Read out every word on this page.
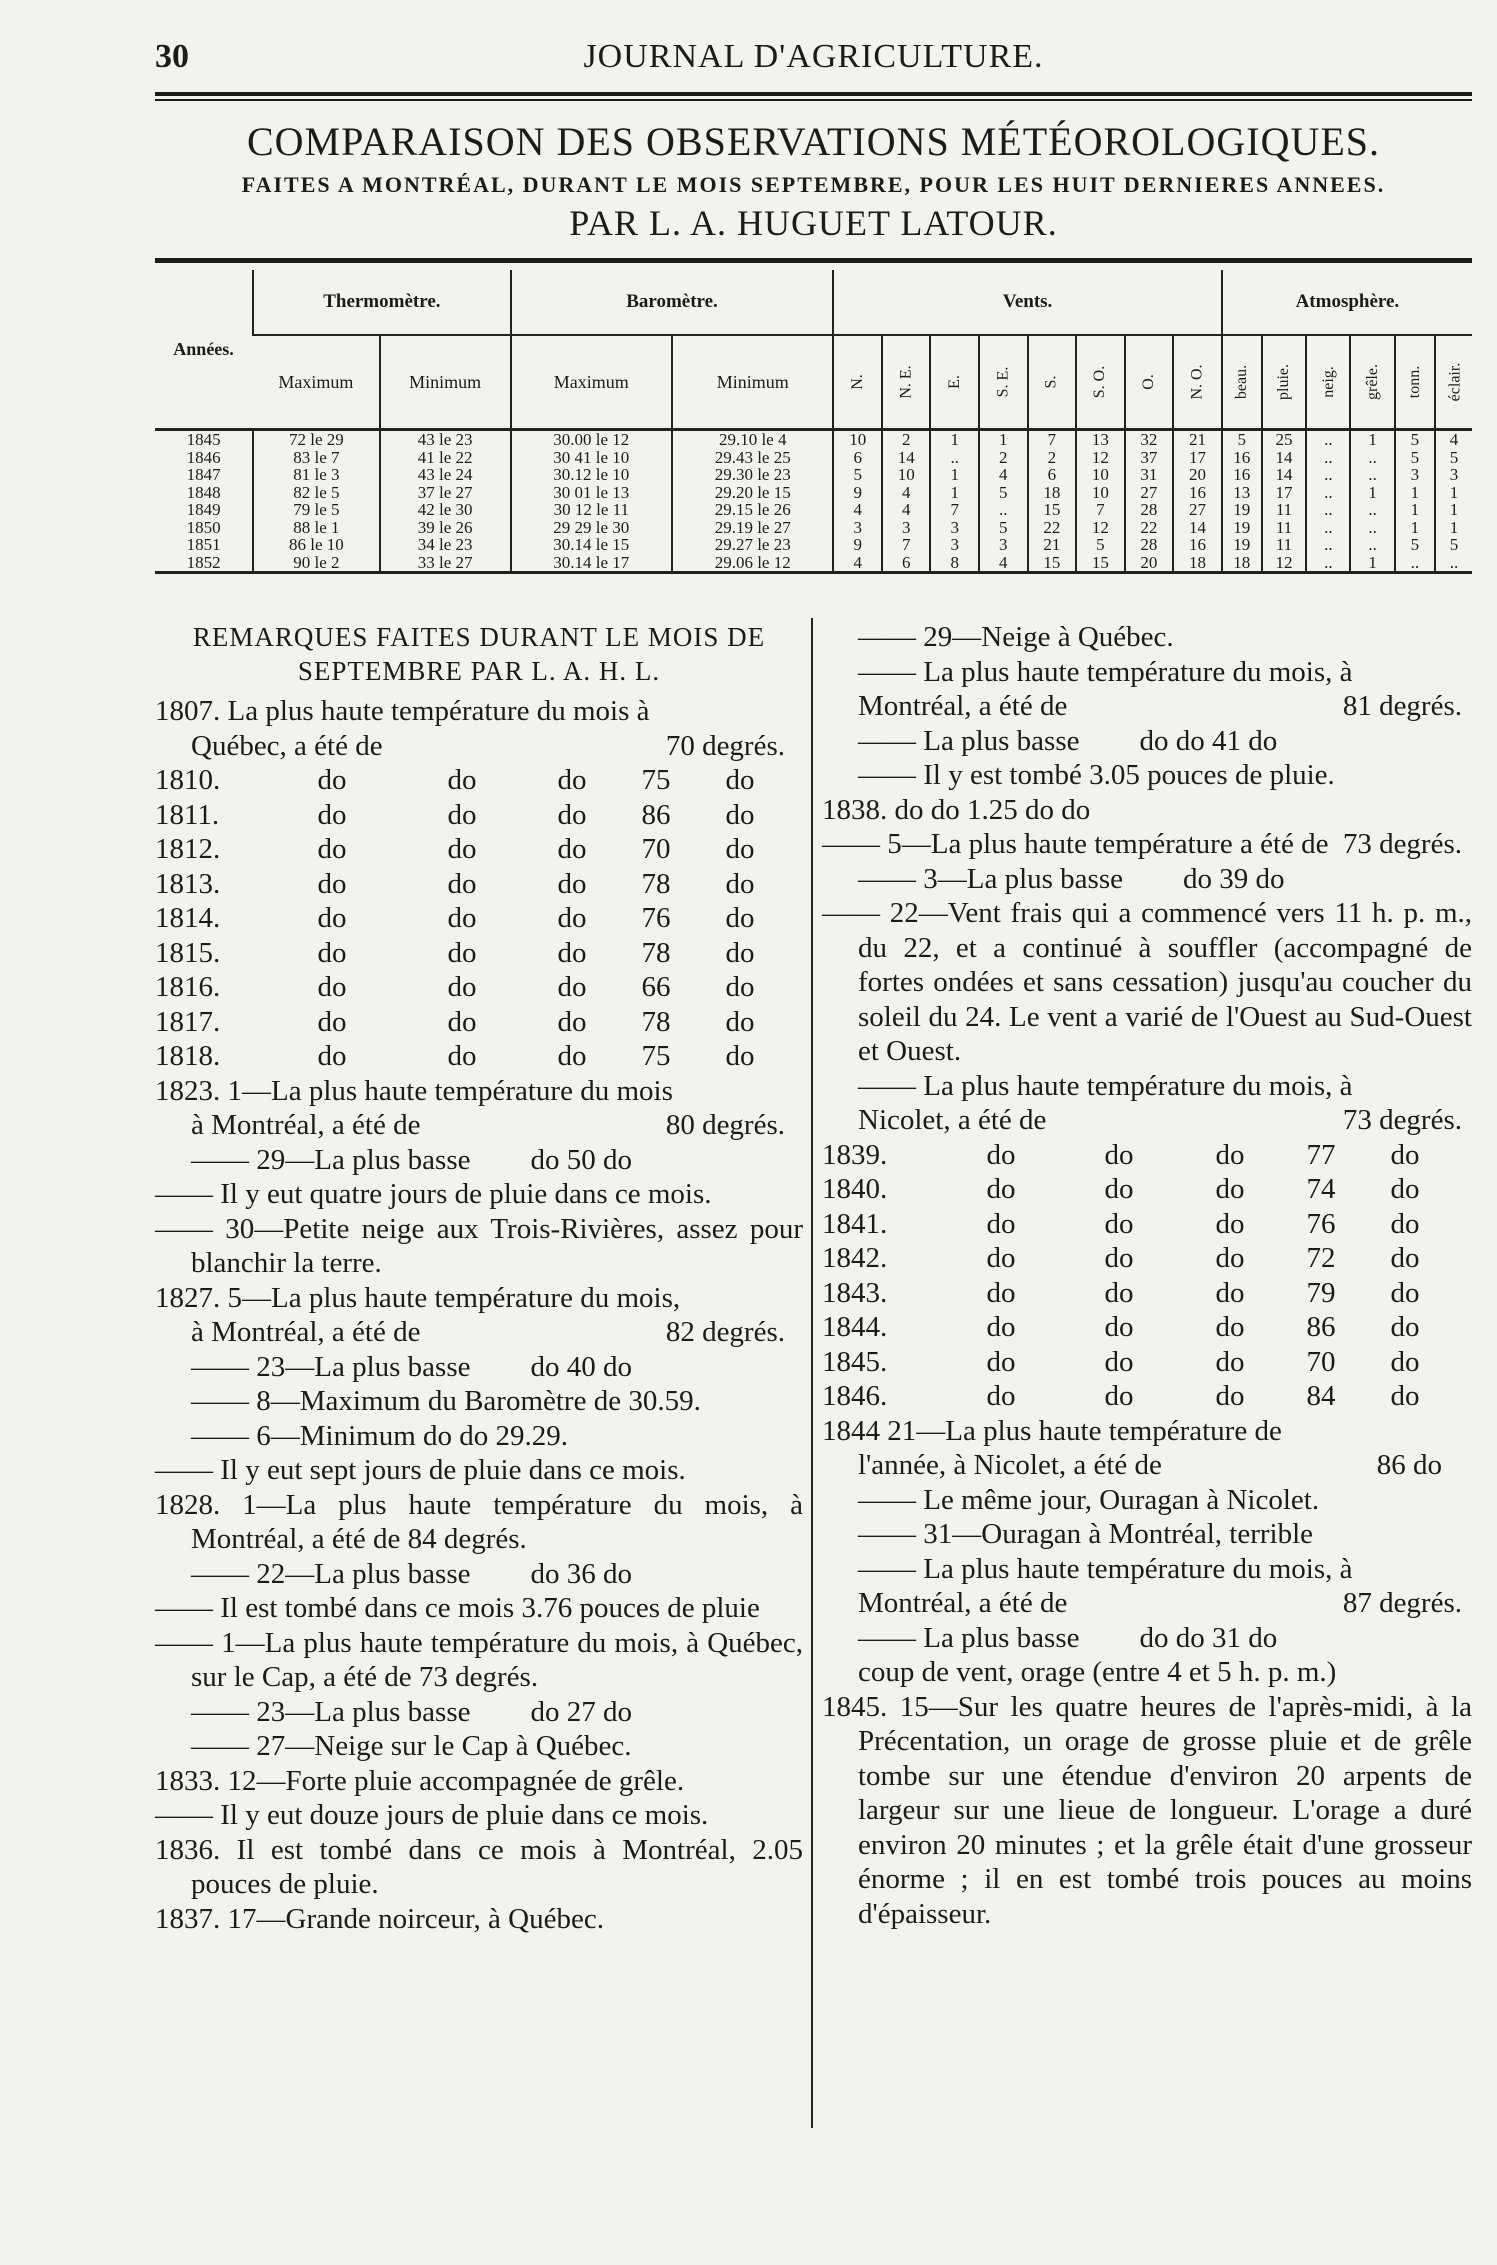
30	JOURNAL D'AGRICULTURE.
COMPARAISON DES OBSERVATIONS MÉTÉOROLOGIQUES.
FAITES A MONTRÉAL, DURANT LE MOIS SEPTEMBRE, POUR LES HUIT DERNIERES ANNEES.
PAR L. A. HUGUET LATOUR.
Années.	Thermomètre.		Baromètre.		Vents.								Atmosphère.					
	Maximum	Minimum	Maximum	Minimum	N.	N. E.	E.	S. E.	S.	S. O.	O.	N. O.	beau.	pluie.	neig.	grêle.	tonn.	éclair.
1845	72 le 29	43 le 23	30.00 le 12	29.10 le 4	10	2	1	1	7	13	32	21	5	25	..	1	5	4
1846	83 le 7	41 le 22	30 41 le 10	29.43 le 25	6	14	..	2	2	12	37	17	16	14	..	..	5	5
1847	81 le 3	43 le 24	30.12 le 10	29.30 le 23	5	10	1	4	6	10	31	20	16	14	..	..	3	3
1848	82 le 5	37 le 27	30 01 le 13	29.20 le 15	9	4	1	5	18	10	27	16	13	17	..	1	1	1
1849	79 le 5	42 le 30	30 12 le 11	29.15 le 26	4	4	7	..	15	7	28	27	19	11	..	..	1	1
1850	88 le 1	39 le 26	29 29 le 30	29.19 le 27	3	3	3	5	22	12	22	14	19	11	..	..	1	1
1851	86 le 10	34 le 23	30.14 le 15	29.27 le 23	9	7	3	3	21	5	28	16	19	11	..	..	5	5
1852	90 le 2	33 le 27	30.14 le 17	29.06 le 12	4	6	8	4	15	15	20	18	18	12	..	1	..	..

REMARQUES FAITES DURANT LE MOIS DE SEPTEMBRE PAR L. A. H. L.

1807. La plus haute température du mois à

Québec, a été de	70 degrés.

1810.	do	do	do	75	do
1811.	do	do	do	86	do
1812.	do	do	do	70	do
1813.	do	do	do	78	do
1814.	do	do	do	76	do
1815.	do	do	do	78	do
1816.	do	do	do	66	do
1817.	do	do	do	78	do
1818.	do	do	do	75	do

1823. 1—La plus haute température du mois

à Montréal, a été de	80 degrés.

—— 29—La plus basse do 50 do

—— Il y eut quatre jours de pluie dans ce mois.

—— 30—Petite neige aux Trois-Rivières, assez pour blanchir la terre.

1827. 5—La plus haute température du mois,

à Montréal, a été de	82 degrés.

—— 23—La plus basse do 40 do

—— 8—Maximum du Baromètre de 30.59.

—— 6—Minimum do do 29.29.

—— Il y eut sept jours de pluie dans ce mois.

1828. 1—La plus haute température du mois, à Montréal, a été de 84 degrés.

—— 22—La plus basse do 36 do

—— Il est tombé dans ce mois 3.76 pouces de pluie

—— 1—La plus haute température du mois, à Québec, sur le Cap, a été de 73 degrés.

—— 23—La plus basse do 27 do

—— 27—Neige sur le Cap à Québec.

1833. 12—Forte pluie accompagnée de grêle.

—— Il y eut douze jours de pluie dans ce mois.

1836. Il est tombé dans ce mois à Montréal, 2.05 pouces de pluie.

1837. 17—Grande noirceur, à Québec.

—— 29—Neige à Québec.

—— La plus haute température du mois, à

Montréal, a été de	81 degrés.

—— La plus basse do do 41 do

—— Il y est tombé 3.05 pouces de pluie.

1838. do do 1.25 do do

—— 5—La plus haute température a été de 73 degrés.

—— 3—La plus basse do 39 do

—— 22—Vent frais qui a commencé vers 11 h. p. m., du 22, et a continué à souffler (accompagné de fortes ondées et sans cessation) jusqu'au coucher du soleil du 24. Le vent a varié de l'Ouest au Sud-Ouest et Ouest.

—— La plus haute température du mois, à

Nicolet, a été de	73 degrés.

1839.	do	do	do	77	do
1840.	do	do	do	74	do
1841.	do	do	do	76	do
1842.	do	do	do	72	do
1843.	do	do	do	79	do
1844.	do	do	do	86	do
1845.	do	do	do	70	do
1846.	do	do	do	84	do

1844 21—La plus haute température de

l'année, à Nicolet, a été de	86 do

—— Le même jour, Ouragan à Nicolet.

—— 31—Ouragan à Montréal, terrible

—— La plus haute température du mois, à

Montréal, a été de	87 degrés.

—— La plus basse do do 31 do

coup de vent, orage (entre 4 et 5 h. p. m.)

1845. 15—Sur les quatre heures de l'après-midi, à la Précentation, un orage de grosse pluie et de grêle tombe sur une étendue d'environ 20 arpents de largeur sur une lieue de longueur. L'orage a duré environ 20 minutes ; et la grêle était d'une grosseur énorme ; il en est tombé trois pouces au moins d'épaisseur.
